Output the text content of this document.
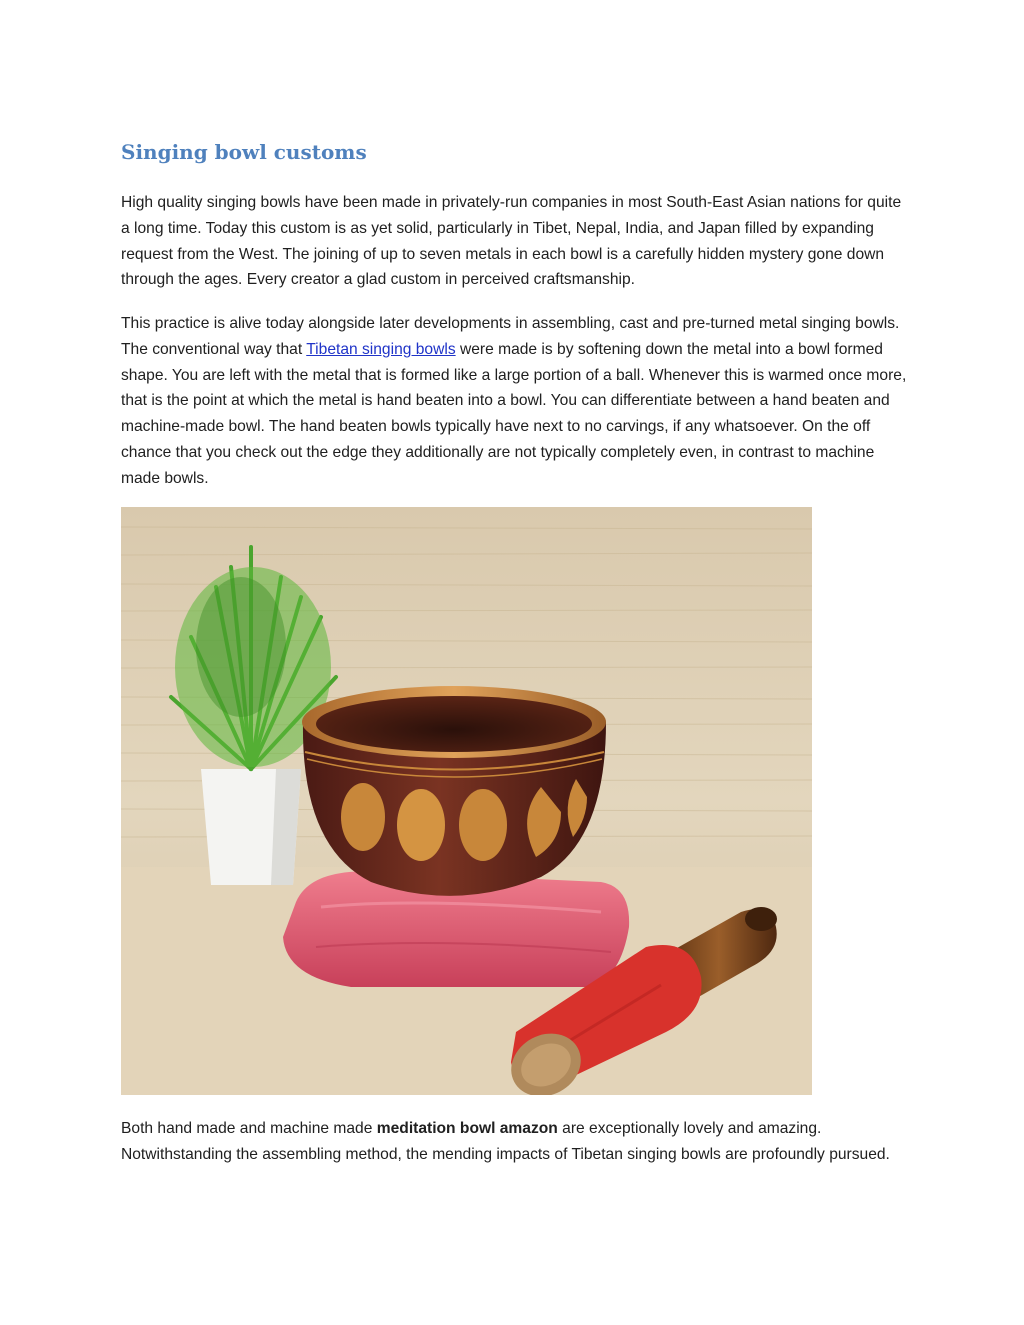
Singing bowl customs

High quality singing bowls have been made in privately-run companies in most South-East Asian nations for quite a long time. Today this custom is as yet solid, particularly in Tibet, Nepal, India, and Japan filled by expanding request from the West. The joining of up to seven metals in each bowl is a carefully hidden mystery gone down through the ages. Every creator a glad custom in perceived craftsmanship.

This practice is alive today alongside later developments in assembling, cast and pre-turned metal singing bowls. The conventional way that Tibetan singing bowls were made is by softening down the metal into a bowl formed shape. You are left with the metal that is formed like a large portion of a ball. Whenever this is warmed once more, that is the point at which the metal is hand beaten into a bowl. You can differentiate between a hand beaten and machine-made bowl. The hand beaten bowls typically have next to no carvings, if any whatsoever. On the off chance that you check out the edge they additionally are not typically completely even, in contrast to machine made bowls.

Both hand made and machine made meditation bowl amazon are exceptionally lovely and amazing. Notwithstanding the assembling method, the mending impacts of Tibetan singing bowls are profoundly pursued.
